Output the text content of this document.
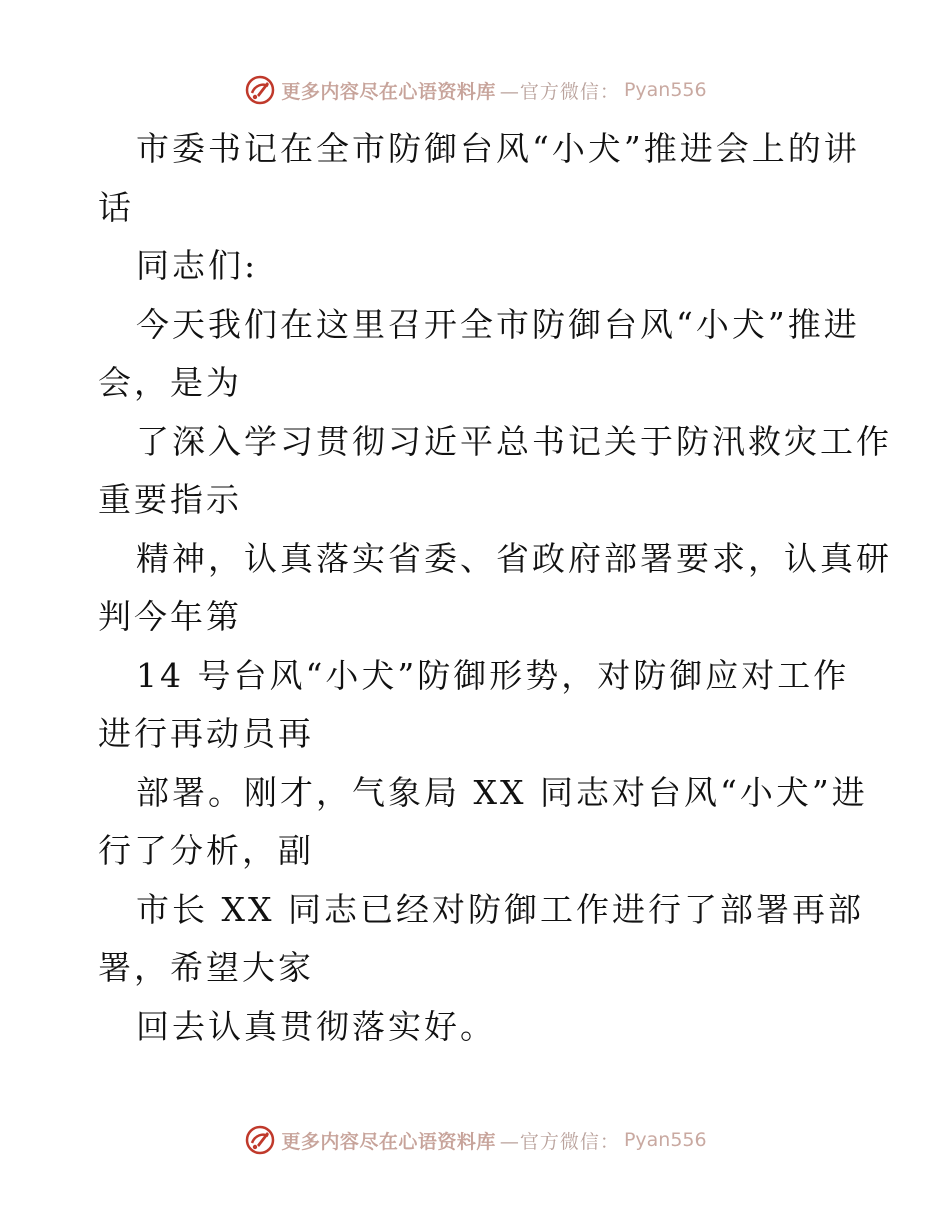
更多内容尽在心语资料库 —官方微信： Pyan556
市委书记在全市防御台风“小犬”推进会上的讲
话
同志们:
今天我们在这里召开全市防御台风“小犬”推进
会，是为
了深入学习贯彻习近平总书记关于防汛救灾工作
重要指示
精神，认真落实省委、省政府部署要求，认真研
判今年第
14 号台风“小犬”防御形势，对防御应对工作
进行再动员再
部署。刚才，气象局 XX 同志对台风“小犬”进
行了分析，副
市长 XX 同志已经对防御工作进行了部署再部
署，希望大家
回去认真贯彻落实好。
更多内容尽在心语资料库 —官方微信： Pyan556
